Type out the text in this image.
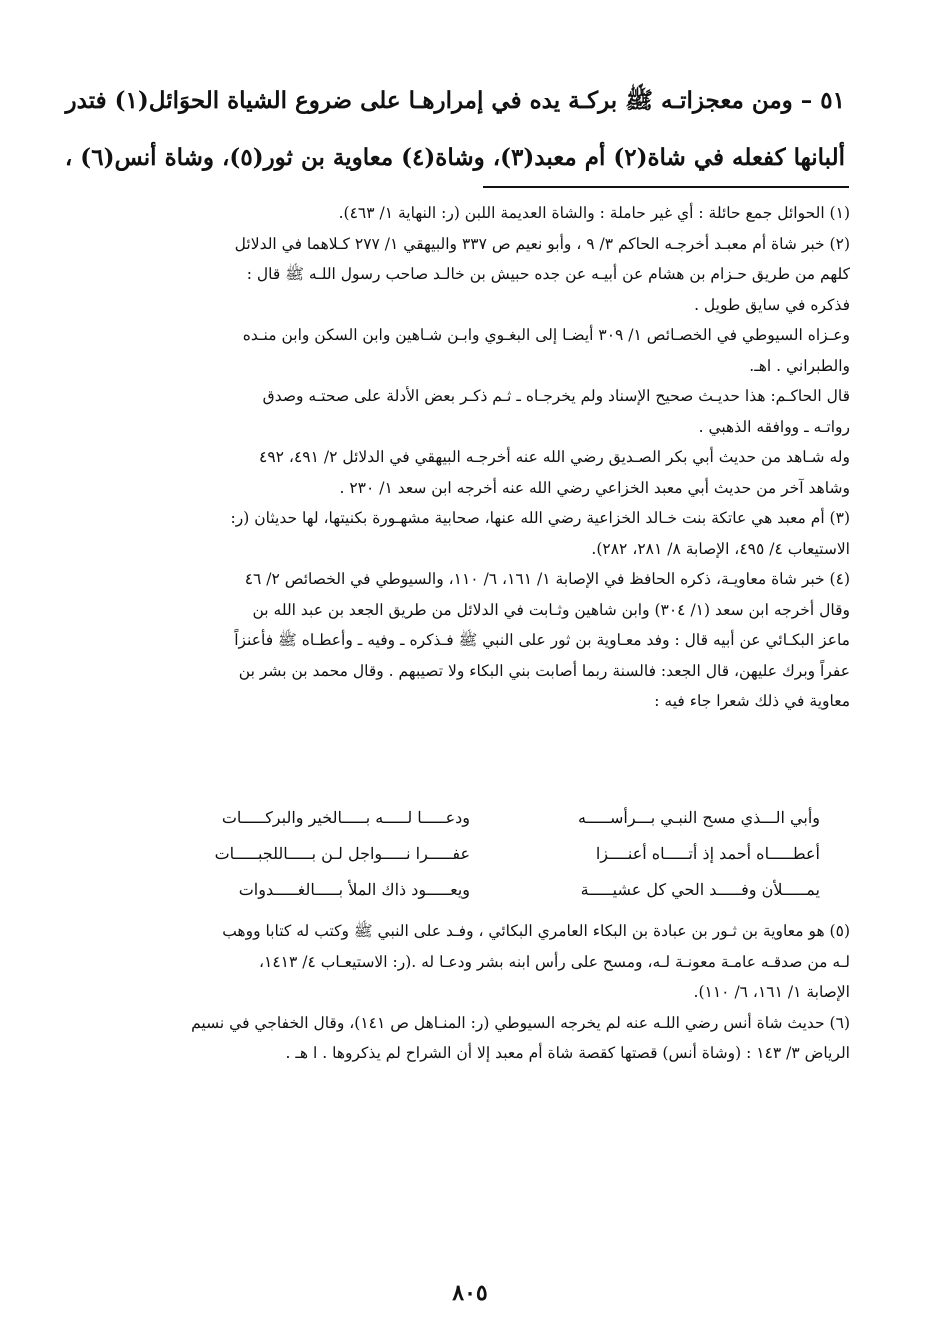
٥١ – ومن معجزاتـه ﷺ بركـة يده في إمرارهـا على ضروع الشياة الحوَائل(١) فتدر
ألبانها كفعله في شاة(٢) أم معبد(٣)، وشاة(٤) معاوية بن ثور(٥)، وشاة أنس(٦) ،
(١) الحوائل جمع حائلة : أي غير حاملة : والشاة العديمة اللبن (ر: النهاية ١/ ٤٦٣).
(٢) خبر شاة أم معبـد أخرجـه الحاكم ٣/ ٩ ، وأبو نعيم ص ٣٣٧ والبيهقي ١/ ٢٧٧ كـلاهما في الدلائل
كلهم من طريق حـزام بن هشام عن أبيـه عن جده حبيش بن خالـد صاحب رسول اللـه ﷺ قال :
فذكره في سايق طويل .
وعـزاه السيوطي في الخصـائص ١/ ٣٠٩ أيضـا إلى البغـوي وابـن شـاهين وابن السكن وابن منـده
والطبراني . اهـ.
قال الحاكـم: هذا حديـث صحيح الإسناد ولم يخرجـاه ـ ثـم ذكـر بعض الأدلة على صحتـه وصدق
رواتـه ـ ووافقه الذهبي .
وله شـاهد من حديث أبي بكر الصـديق رضي الله عنه أخرجـه البيهقي في الدلائل ٢/ ٤٩١، ٤٩٢
وشاهد آخر من حديث أبي معبد الخزاعي رضي الله عنه أخرجه ابن سعد ١/ ٢٣٠ .
(٣) أم معبد هي عاتكة بنت خـالد الخزاعية رضي الله عنها، صحابية مشهـورة بكنيتها، لها حديثان (ر:
الاستيعاب ٤/ ٤٩٥، الإصابة ٨/ ٢٨١، ٢٨٢).
(٤) خبر شاة معاويـة، ذكره الحافظ في الإصابة ١/ ١٦١، ٦/ ١١٠، والسيوطي في الخصائص ٢/ ٤٦
وقال أخرجه ابن سعد (١/ ٣٠٤) وابن شاهين وثـابت في الدلائل من طريق الجعد بن عبد الله بن
ماعز البكـائي عن أبيه قال : وفد معـاوية بن ثور على النبي ﷺ فـذكره ـ وفيه ـ وأعطـاه ﷺ فأعنزاً
عفراً وبرك عليهن، قال الجعد: فالسنة ربما أصابت بني البكاء ولا تصيبهم . وقال محمد بن بشر بن
معاوية في ذلك شعرا جاء فيه :
وأبي الـــذي مسح النبـي بـــرأســـــه
ودعـــــا لـــــه بـــــالخير والبركـــــات
أعطـــــاه أحمد إذ أتـــــاه أعنــــزا
عفـــــرا نـــــواجل لـن بـــــاللجبـــــات
يمـــــلأن وفـــــد الحي كل عشيـــــة
ويعـــــود ذاك الملأ بـــــالغـــــدوات
(٥) هو معاوية بن ثـور بن عبادة بن البكاء العامري البكائي ، وفـد على النبي ﷺ وكتب له كتابا ووهب
لـه من صدقـه عامـة معونـة لـه، ومسح على رأس ابنه بشر ودعـا له .(ر: الاستيعـاب ٤/ ١٤١٣،
الإصابة ١/ ١٦١، ٦/ ١١٠).
(٦) حديث شاة أنس رضي اللـه عنه لم يخرجه السيوطي (ر: المنـاهل ص ١٤١)، وقال الخفاجي في نسيم
الرياض ٣/ ١٤٣ : (وشاة أنس) قصتها كقصة شاة أم معبد إلا أن الشراح لم يذكروها . ا هـ .
٨٠٥
